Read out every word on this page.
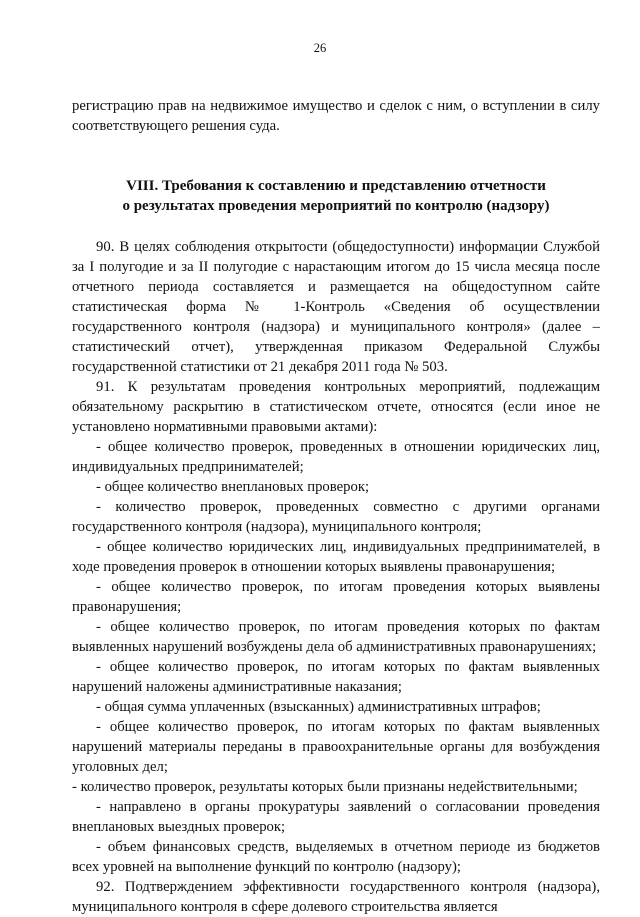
26

регистрацию прав на недвижимое имущество и сделок с ним, о вступлении в силу соответствующего решения суда.

VIII. Требования к составлению и представлению отчетности
о результатах проведения мероприятий по контролю (надзору)

90. В целях соблюдения открытости (общедоступности) информации Службой за I полугодие и за II полугодие с нарастающим итогом до 15 числа месяца после отчетного периода составляется и размещается на общедоступном сайте статистическая форма № 1-Контроль «Сведения об осуществлении государственного контроля (надзора) и муниципального контроля» (далее – статистический отчет), утвержденная приказом Федеральной Службы государственной статистики от 21 декабря 2011 года № 503.

91. К результатам проведения контрольных мероприятий, подлежащим обязательному раскрытию в статистическом отчете, относятся (если иное не установлено нормативными правовыми актами):

- общее количество проверок, проведенных в отношении юридических лиц, индивидуальных предпринимателей;

- общее количество внеплановых проверок;

- количество проверок, проведенных совместно с другими органами государственного контроля (надзора), муниципального контроля;

- общее количество юридических лиц, индивидуальных предпринимателей, в ходе проведения проверок в отношении которых выявлены правонарушения;

- общее количество проверок, по итогам проведения которых выявлены правонарушения;

- общее количество проверок, по итогам проведения которых по фактам выявленных нарушений возбуждены дела об административных правонарушениях;

- общее количество проверок, по итогам которых по фактам выявленных нарушений наложены административные наказания;

- общая сумма уплаченных (взысканных) административных штрафов;

- общее количество проверок, по итогам которых по фактам выявленных нарушений материалы переданы в правоохранительные органы для возбуждения уголовных дел;

- количество проверок, результаты которых были признаны недействительными;

- направлено в органы прокуратуры заявлений о согласовании проведения внеплановых выездных проверок;

- объем финансовых средств, выделяемых в отчетном периоде из бюджетов всех уровней на выполнение функций по контролю (надзору);

92. Подтверждением эффективности государственного контроля (надзора), муниципального контроля в сфере долевого строительства является
